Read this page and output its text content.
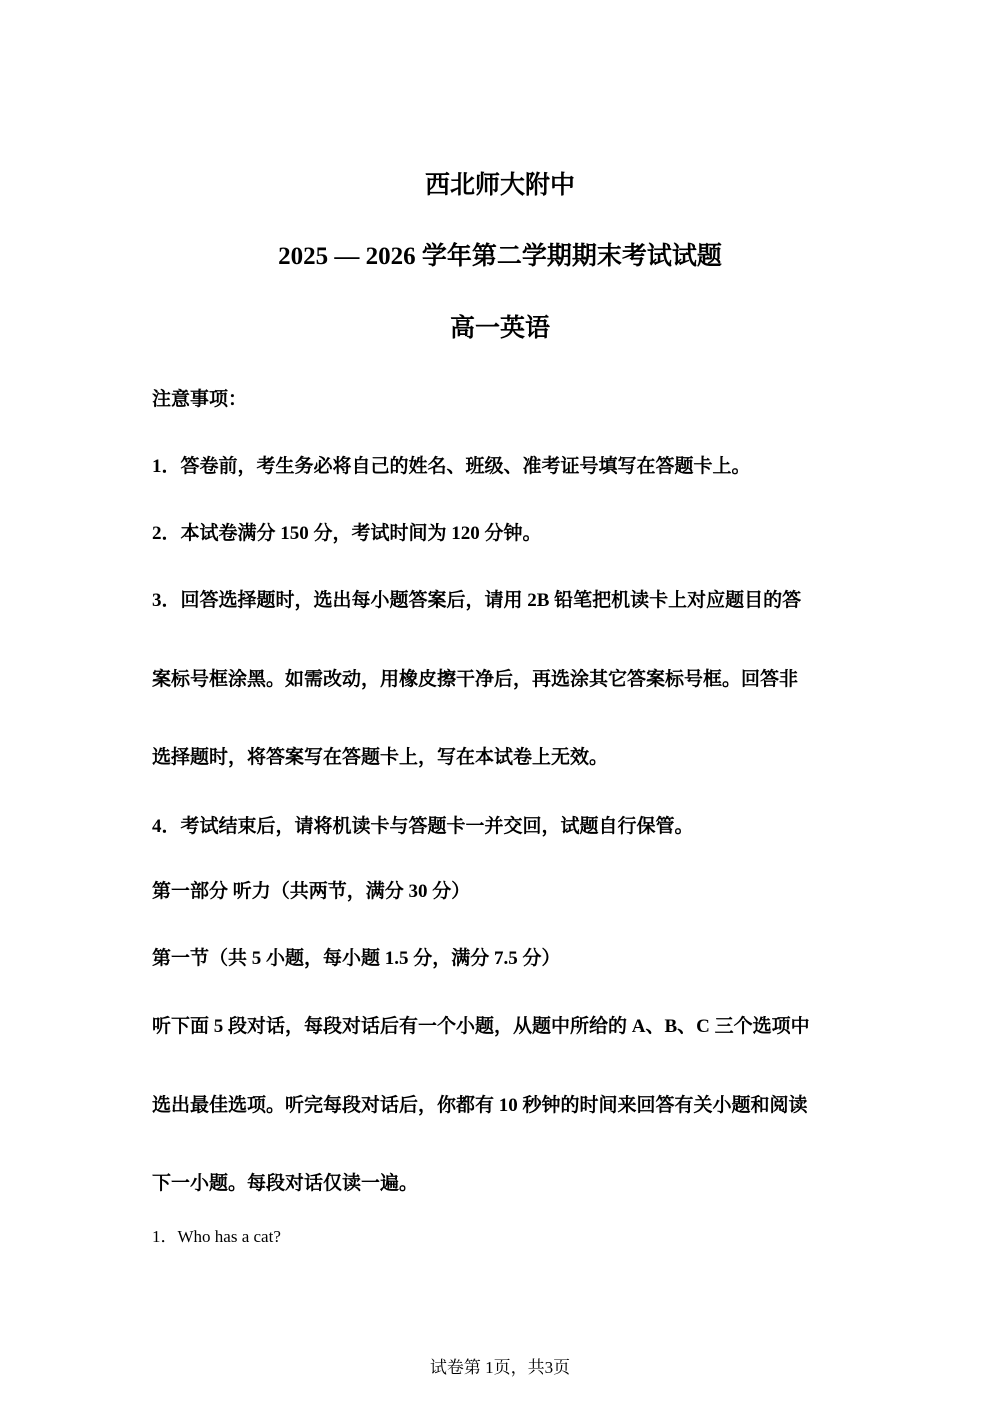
西北师大附中
2025 — 2026 学年第二学期期末考试试题
高一英语
注意事项：
1．答卷前，考生务必将自己的姓名、班级、准考证号填写在答题卡上。
2．本试卷满分 150 分，考试时间为 120 分钟。
3．回答选择题时，选出每小题答案后，请用 2B 铅笔把机读卡上对应题目的答
案标号框涂黑。如需改动，用橡皮擦干净后，再选涂其它答案标号框。回答非
选择题时，将答案写在答题卡上，写在本试卷上无效。
4．考试结束后，请将机读卡与答题卡一并交回，试题自行保管。
第一部分 听力（共两节，满分 30 分）
第一节（共 5 小题，每小题 1.5 分，满分 7.5 分）
听下面 5 段对话，每段对话后有一个小题，从题中所给的 A、B、C 三个选项中
选出最佳选项。听完每段对话后，你都有 10 秒钟的时间来回答有关小题和阅读
下一小题。每段对话仅读一遍。
1．Who has a cat?
试卷第 1页，共3页
